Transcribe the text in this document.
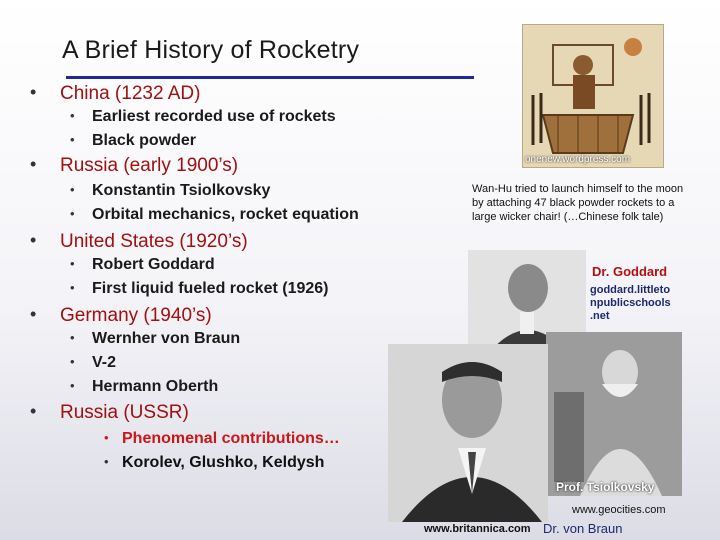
A Brief History of Rocketry
• China (1232 AD)
• Earliest recorded use of rockets
• Black powder
• Russia (early 1900’s)
• Konstantin Tsiolkovsky
• Orbital mechanics, rocket equation
• United States (1920’s)
• Robert Goddard
• First liquid fueled rocket (1926)
• Germany (1940’s)
• Wernher von Braun
• V-2
• Hermann Oberth
• Russia (USSR)
• Phenomenal contributions…
• Korolev, Glushko, Keldysh
onenew.wordpress.com
Wan-Hu tried to launch himself to the moon by attaching 47 black powder rockets to a large wicker chair! (…Chinese folk tale)
Dr. Goddard
goddard.littleto npublicschools .net
Prof. Tsiolkovsky
www.geocities.com
www.britannica.com Dr. von Braun
